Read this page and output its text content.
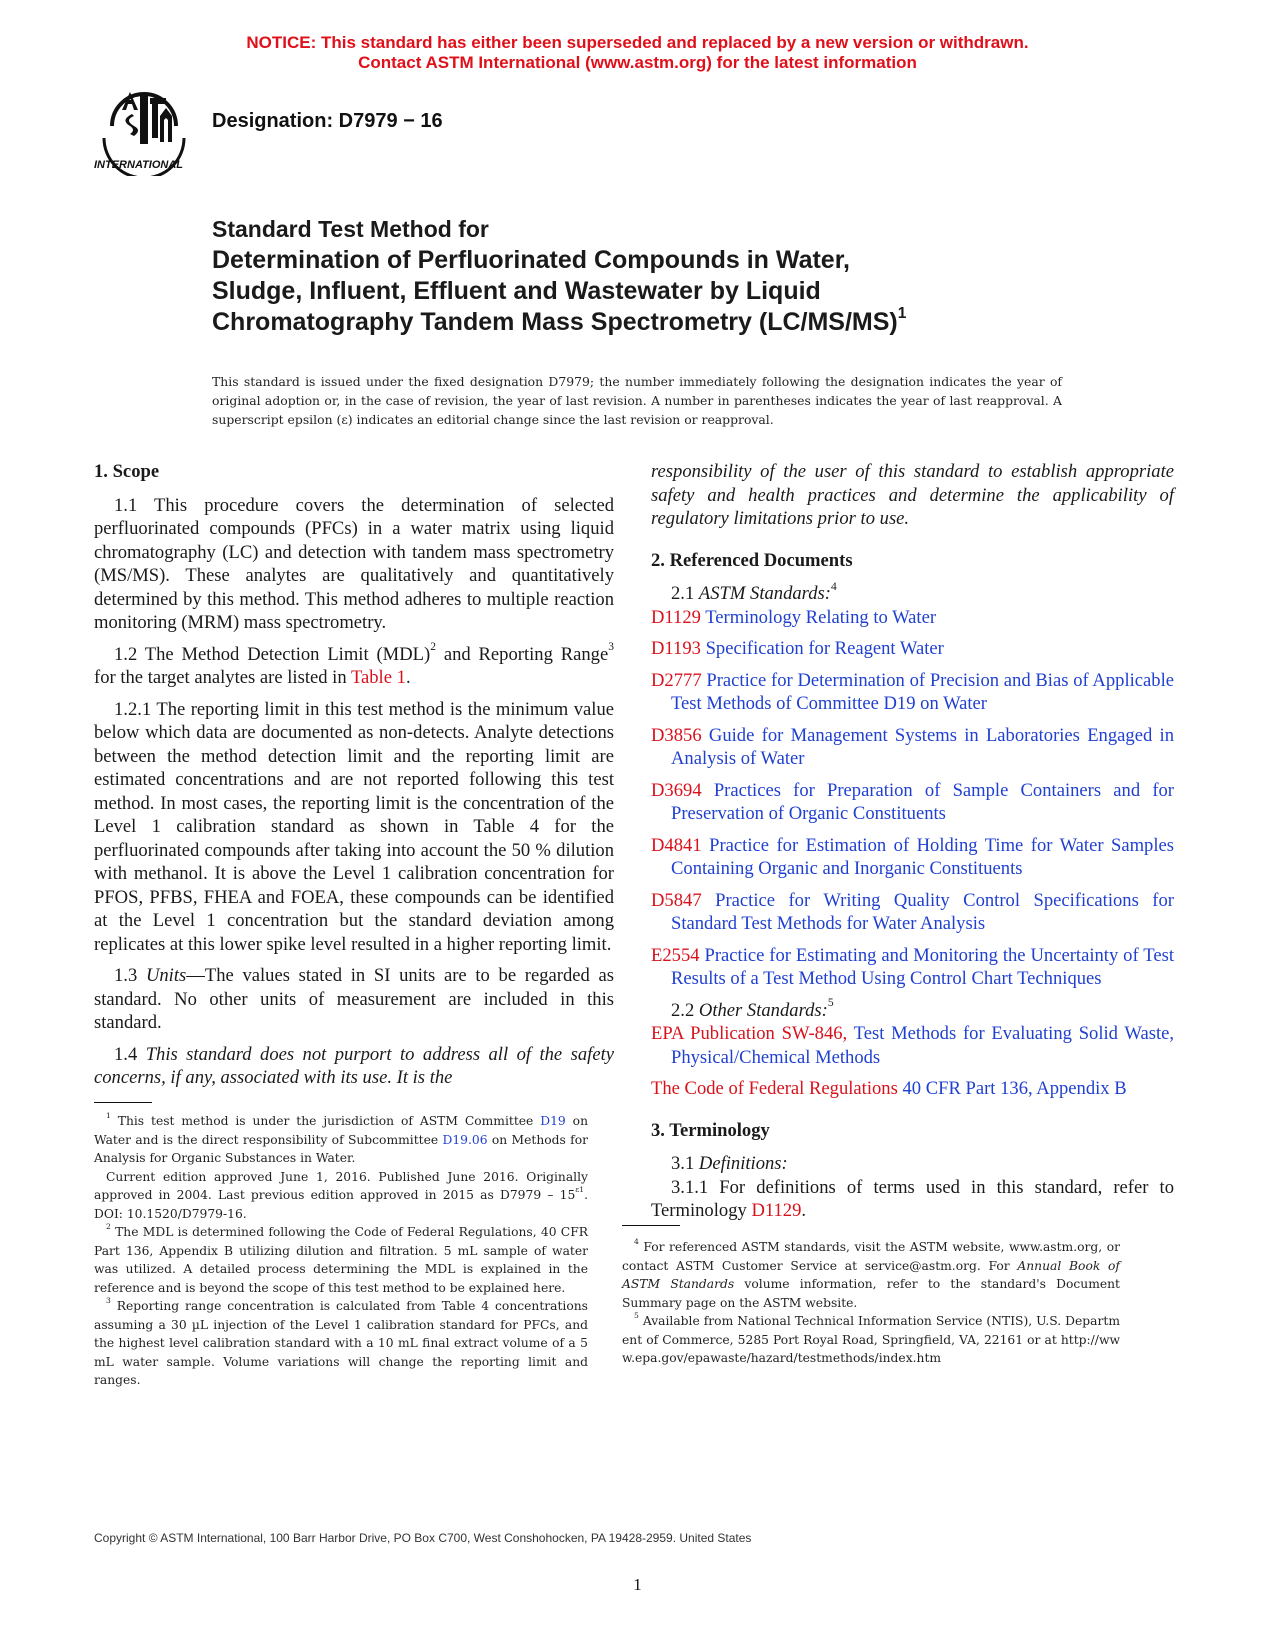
NOTICE: This standard has either been superseded and replaced by a new version or withdrawn.
Contact ASTM International (www.astm.org) for the latest information
INTERNATIONAL
Designation: D7979 − 16
Standard Test Method for
Determination of Perfluorinated Compounds in Water,
Sludge, Influent, Effluent and Wastewater by Liquid
Chromatography Tandem Mass Spectrometry $(LC/MS/MS)^1$
This standard is issued under the fixed designation D7979; the number immediately following the designation indicates the year of original adoption or, in the case of revision, the year of last revision. A number in parentheses indicates the year of last reapproval. A superscript epsilon (ε) indicates an editorial change since the last revision or reapproval.
1. Scope

1.1 This procedure covers the determination of selected perfluorinated compounds (PFCs) in a water matrix using liquid chromatography (LC) and detection with tandem mass spectrometry (MS/MS). These analytes are qualitatively and quantitatively determined by this method. This method adheres to multiple reaction monitoring (MRM) mass spectrometry.

1.2 The Method Detection Limit (MDL)$^2$ and Reporting Range$^3$ for the target analytes are listed in Table 1.

1.2.1 The reporting limit in this test method is the minimum value below which data are documented as non-detects. Analyte detections between the method detection limit and the reporting limit are estimated concentrations and are not reported following this test method. In most cases, the reporting limit is the concentration of the Level 1 calibration standard as shown in Table 4 for the perfluorinated compounds after taking into account the 50 % dilution with methanol. It is above the Level 1 calibration concentration for PFOS, PFBS, FHEA and FOEA, these compounds can be identified at the Level 1 concentration but the standard deviation among replicates at this lower spike level resulted in a higher reporting limit.

1.3 Units—The values stated in SI units are to be regarded as standard. No other units of measurement are included in this standard.

1.4 This standard does not purport to address all of the safety concerns, if any, associated with its use. It is the

$^1$ This test method is under the jurisdiction of ASTM Committee D19 on Water and is the direct responsibility of Subcommittee D19.06 on Methods for Analysis for Organic Substances in Water.

Current edition approved June 1, 2016. Published June 2016. Originally approved in 2004. Last previous edition approved in 2015 as $D7979 - 15^{\varepsilon 1}$. DOI: 10.1520/D7979-16.

$^2$ The MDL is determined following the Code of Federal Regulations, 40 CFR Part 136, Appendix B utilizing dilution and filtration. 5 mL sample of water was utilized. A detailed process determining the MDL is explained in the reference and is beyond the scope of this test method to be explained here.

$^3$ Reporting range concentration is calculated from Table 4 concentrations assuming a 30 µL injection of the Level 1 calibration standard for PFCs, and the highest level calibration standard with a 10 mL final extract volume of a 5 mL water sample. Volume variations will change the reporting limit and ranges.

responsibility of the user of this standard to establish appropriate safety and health practices and determine the applicability of regulatory limitations prior to use.

2. Referenced Documents

2.1 ASTM Standards:$^4$

D1129 Terminology Relating to Water

D1193 Specification for Reagent Water

D2777 Practice for Determination of Precision and Bias of Applicable Test Methods of Committee D19 on Water

D3856 Guide for Management Systems in Laboratories Engaged in Analysis of Water

D3694 Practices for Preparation of Sample Containers and for Preservation of Organic Constituents

D4841 Practice for Estimation of Holding Time for Water Samples Containing Organic and Inorganic Constituents

D5847 Practice for Writing Quality Control Specifications for Standard Test Methods for Water Analysis

E2554 Practice for Estimating and Monitoring the Uncertainty of Test Results of a Test Method Using Control Chart Techniques

2.2 Other Standards:$^5$

EPA Publication SW-846, Test Methods for Evaluating Solid Waste, Physical/Chemical Methods

The Code of Federal Regulations 40 CFR Part 136, Appendix B

3. Terminology

3.1 Definitions:

3.1.1 For definitions of terms used in this standard, refer to Terminology D1129.

$^4$ For referenced ASTM standards, visit the ASTM website, www.astm.org, or contact ASTM Customer Service at service@astm.org. For Annual Book of ASTM Standards volume information, refer to the standard's Document Summary page on the ASTM website.

$^5$ Available from National Technical Information Service (NTIS), U.S. Department of Commerce, 5285 Port Royal Road, Springfield, VA, 22161 or at http://www.epa.gov/epawaste/hazard/testmethods/index.htm

Copyright © ASTM International, 100 Barr Harbor Drive, PO Box C700, West Conshohocken, PA 19428-2959. United States
1
